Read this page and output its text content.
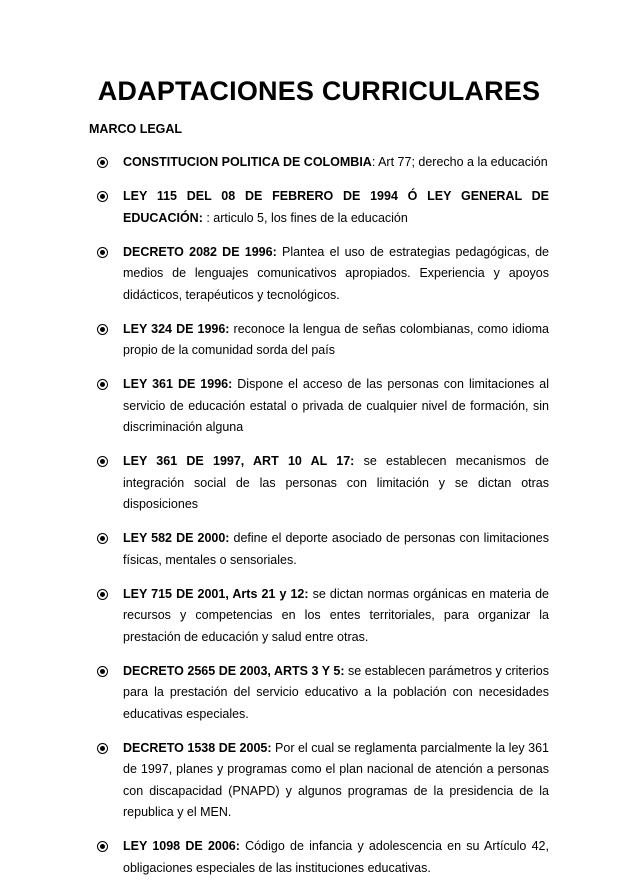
ADAPTACIONES CURRICULARES

MARCO LEGAL

CONSTITUCION POLITICA DE COLOMBIA: Art 77; derecho a la educación
LEY 115 DEL 08 DE FEBRERO DE 1994 Ó LEY GENERAL DE EDUCACIÓN: : articulo 5, los fines de la educación
DECRETO 2082 DE 1996: Plantea el uso de estrategias pedagógicas, de medios de lenguajes comunicativos apropiados. Experiencia y apoyos didácticos, terapéuticos y tecnológicos.
LEY 324 DE 1996: reconoce la lengua de señas colombianas, como idioma propio de la comunidad sorda del país
LEY 361 DE 1996: Dispone el acceso de las personas con limitaciones al servicio de educación estatal o privada de cualquier nivel de formación, sin discriminación alguna
LEY 361 DE 1997, ART 10 AL 17: se establecen mecanismos de integración social de las personas con limitación y se dictan otras disposiciones
LEY 582 DE 2000: define el deporte asociado de personas con limitaciones físicas, mentales o sensoriales.
LEY 715 DE 2001, Arts 21 y 12: se dictan normas orgánicas en materia de recursos y competencias en los entes territoriales, para organizar la prestación de educación y salud entre otras.
DECRETO 2565 DE 2003, ARTS 3 Y 5: se establecen parámetros y criterios para la prestación del servicio educativo a la población con necesidades educativas especiales.
DECRETO 1538 DE 2005: Por el cual se reglamenta parcialmente la ley 361 de 1997, planes y programas como el plan nacional de atención a personas con discapacidad (PNAPD) y algunos programas de la presidencia de la republica y el MEN.
LEY 1098 DE 2006: Código de infancia y adolescencia en su Artículo 42, obligaciones especiales de las instituciones educativas.
